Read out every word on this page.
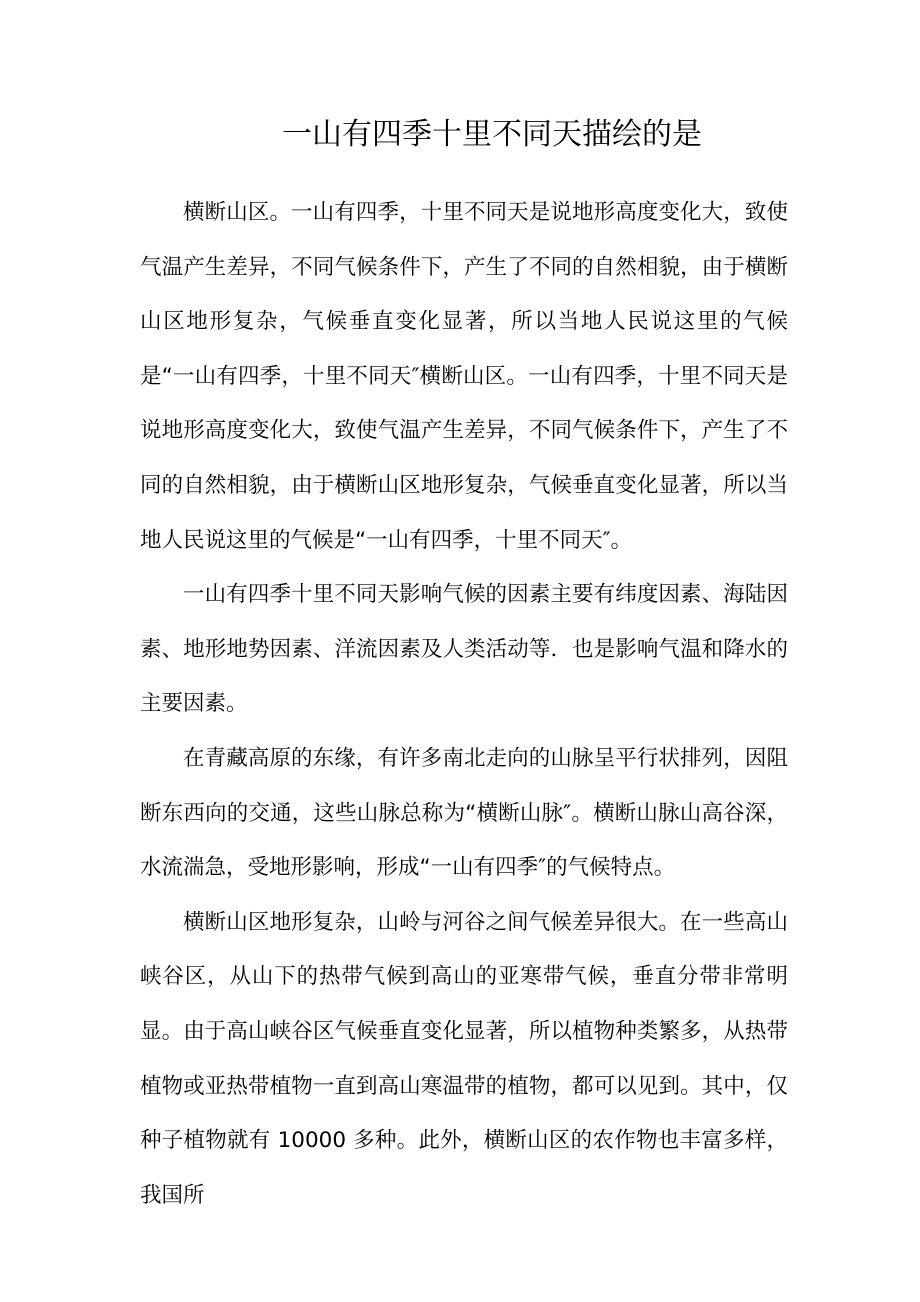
一山有四季十里不同天描绘的是

横断山区。一山有四季，十里不同天是说地形高度变化大，致使气温产生差异，不同气候条件下，产生了不同的自然相貌，由于横断山区地形复杂，气候垂直变化显著，所以当地人民说这里的气候是“一山有四季，十里不同天″横断山区。一山有四季，十里不同天是说地形高度变化大，致使气温产生差异，不同气候条件下，产生了不同的自然相貌，由于横断山区地形复杂，气候垂直变化显著，所以当地人民说这里的气候是“一山有四季，十里不同天″。

一山有四季十里不同天影响气候的因素主要有纬度因素、海陆因素、地形地势因素、洋流因素及人类活动等．也是影响气温和降水的主要因素。

在青藏高原的东缘，有许多南北走向的山脉呈平行状排列，因阻断东西向的交通，这些山脉总称为“横断山脉″。横断山脉山高谷深，水流湍急，受地形影响，形成“一山有四季″的气候特点。

横断山区地形复杂，山岭与河谷之间气候差异很大。在一些高山峡谷区，从山下的热带气候到高山的亚寒带气候，垂直分带非常明显。由于高山峡谷区气候垂直变化显著，所以植物种类繁多，从热带植物或亚热带植物一直到高山寒温带的植物，都可以见到。其中，仅种子植物就有 10000 多种。此外，横断山区的农作物也丰富多样，我国所
